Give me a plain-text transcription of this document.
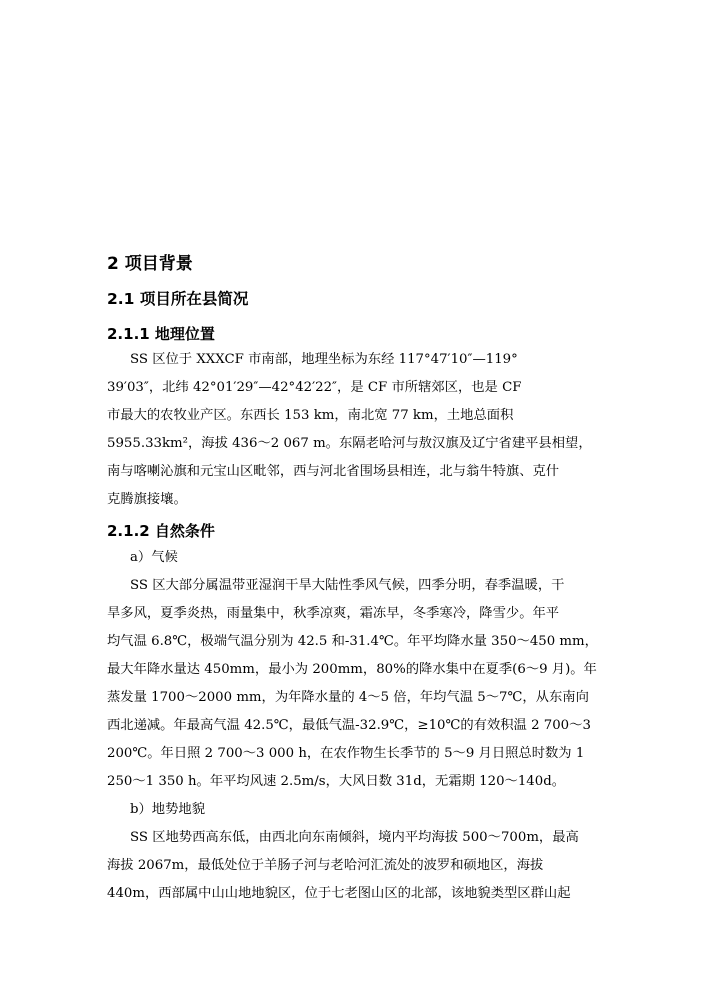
2 项目背景
2.1 项目所在县简况
2.1.1 地理位置
SS 区位于 XXXCF 市南部，地理坐标为东经 117°47′10″—119°
39′03″，北纬 42°01′29″—42°42′22″，是 CF 市所辖郊区，也是 CF
市最大的农牧业产区。东西长 153 km，南北宽 77 km，土地总面积
5955.33km²，海拔 436～2 067 m。东隔老哈河与敖汉旗及辽宁省建平县相望，
南与喀喇沁旗和元宝山区毗邻，西与河北省围场县相连，北与翁牛特旗、克什
克腾旗接壤。
2.1.2 自然条件
a）气候
SS 区大部分属温带亚湿润干旱大陆性季风气候，四季分明，春季温暖，干
旱多风，夏季炎热，雨量集中，秋季凉爽，霜冻早，冬季寒冷，降雪少。年平
均气温 6.8℃，极端气温分别为 42.5 和-31.4℃。年平均降水量 350～450 mm，
最大年降水量达 450mm，最小为 200mm，80%的降水集中在夏季(6～9 月)。年
蒸发量 1700～2000 mm，为年降水量的 4～5 倍，年均气温 5～7℃，从东南向
西北递减。年最高气温 42.5℃，最低气温-32.9℃，≥10℃的有效积温 2 700～3
200℃。年日照 2 700～3 000 h，在农作物生长季节的 5～9 月日照总时数为 1
250～1 350 h。年平均风速 2.5m/s，大风日数 31d，无霜期 120～140d。
b）地势地貌
SS 区地势西高东低，由西北向东南倾斜，境内平均海拔 500～700m，最高
海拔 2067m，最低处位于羊肠子河与老哈河汇流处的波罗和硕地区，海拔
440m，西部属中山山地地貌区，位于七老图山区的北部，该地貌类型区群山起
